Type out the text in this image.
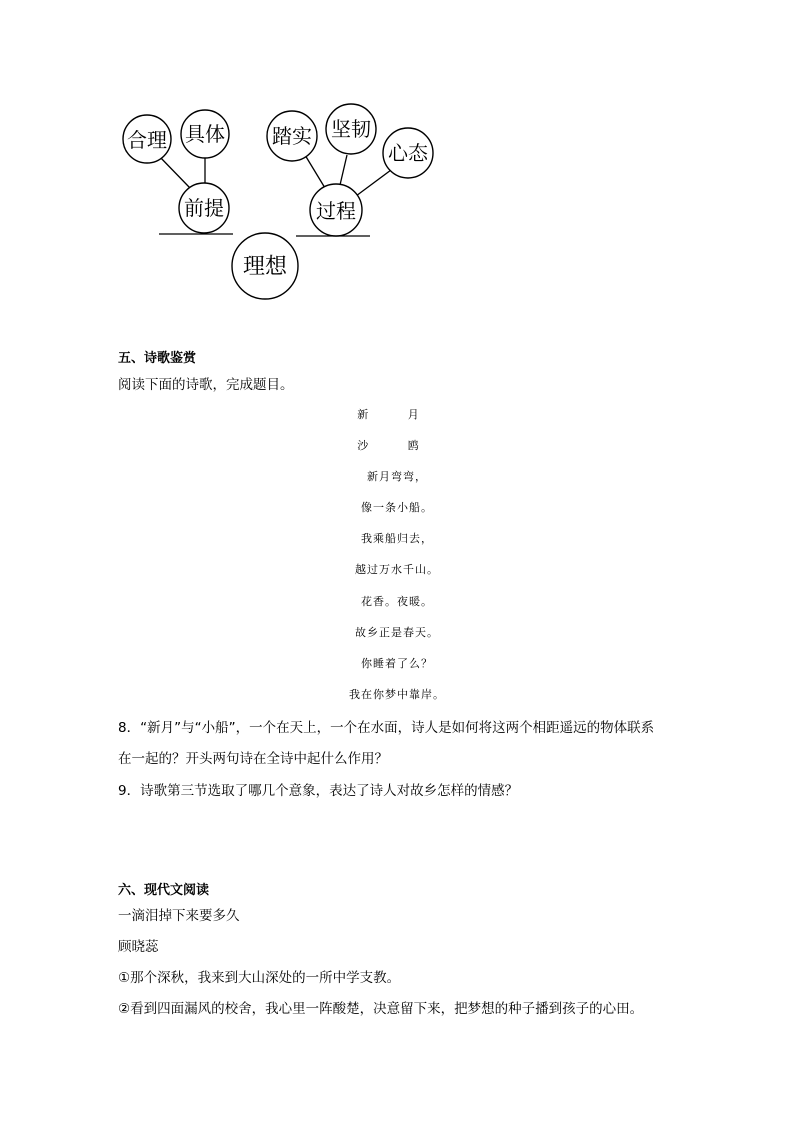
合理 具体
前提
踏实 坚韧
心态
过程
理想
五、诗歌鉴赏
阅读下面的诗歌，完成题目。
新 月
沙 鸥
新月弯弯，
像一条小船。
我乘船归去，
越过万水千山。
花香。夜暖。
故乡正是春天。
你睡着了么？
我在你梦中靠岸。
8．“新月”与“小船”，一个在天上，一个在水面，诗人是如何将这两个相距遥远的物体联系
在一起的？开头两句诗在全诗中起什么作用？
9．诗歌第三节选取了哪几个意象，表达了诗人对故乡怎样的情感？
六、现代文阅读
一滴泪掉下来要多久
顾晓蕊
①那个深秋，我来到大山深处的一所中学支教。
②看到四面漏风的校舍，我心里一阵酸楚，决意留下来，把梦想的种子播到孩子的心田。
